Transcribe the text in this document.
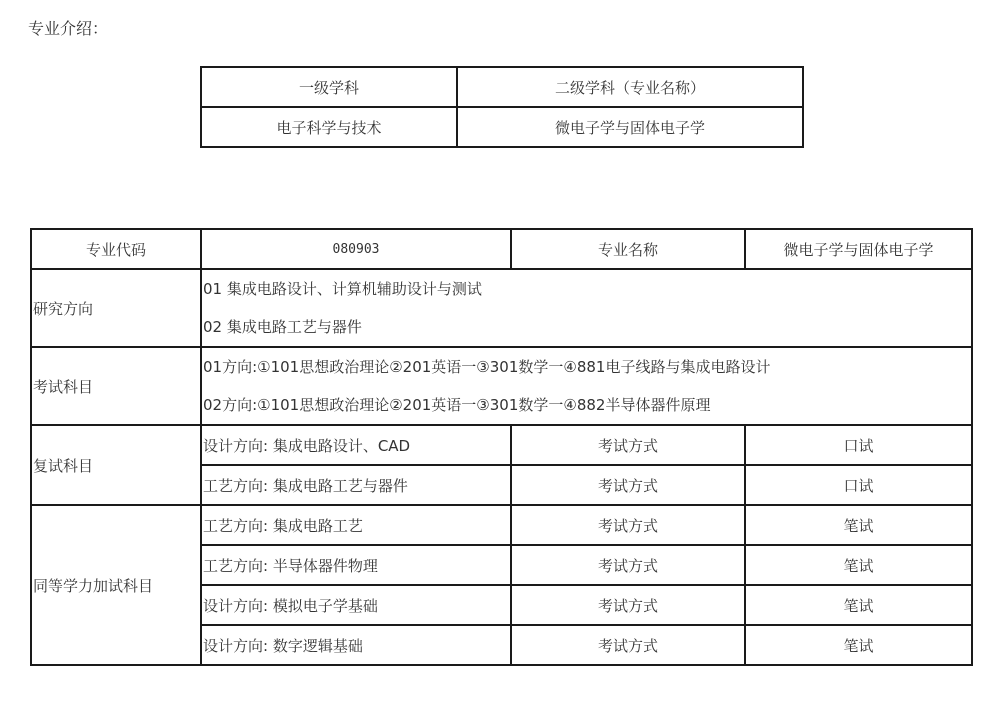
专业介绍：
一级学科	二级学科（专业名称）
电子科学与技术	微电子学与固体电子学
专业代码	080903	专业名称	微电子学与固体电子学
研究方向	01 集成电路设计、计算机辅助设计与测试
02 集成电路工艺与器件		

考试科目	01方向:①101思想政治理论②201英语一③301数学一④881电子线路与集成电路设计
02方向:①101思想政治理论②201英语一③301数学一④882半导体器件原理		

复试科目	设计方向: 集成电路设计、CAD	考试方式	口试
	工艺方向: 集成电路工艺与器件	考试方式	口试
同等学力加试科目	工艺方向: 集成电路工艺	考试方式	笔试
	工艺方向: 半导体器件物理	考试方式	笔试
	设计方向: 模拟电子学基础	考试方式	笔试
	设计方向: 数字逻辑基础	考试方式	笔试
